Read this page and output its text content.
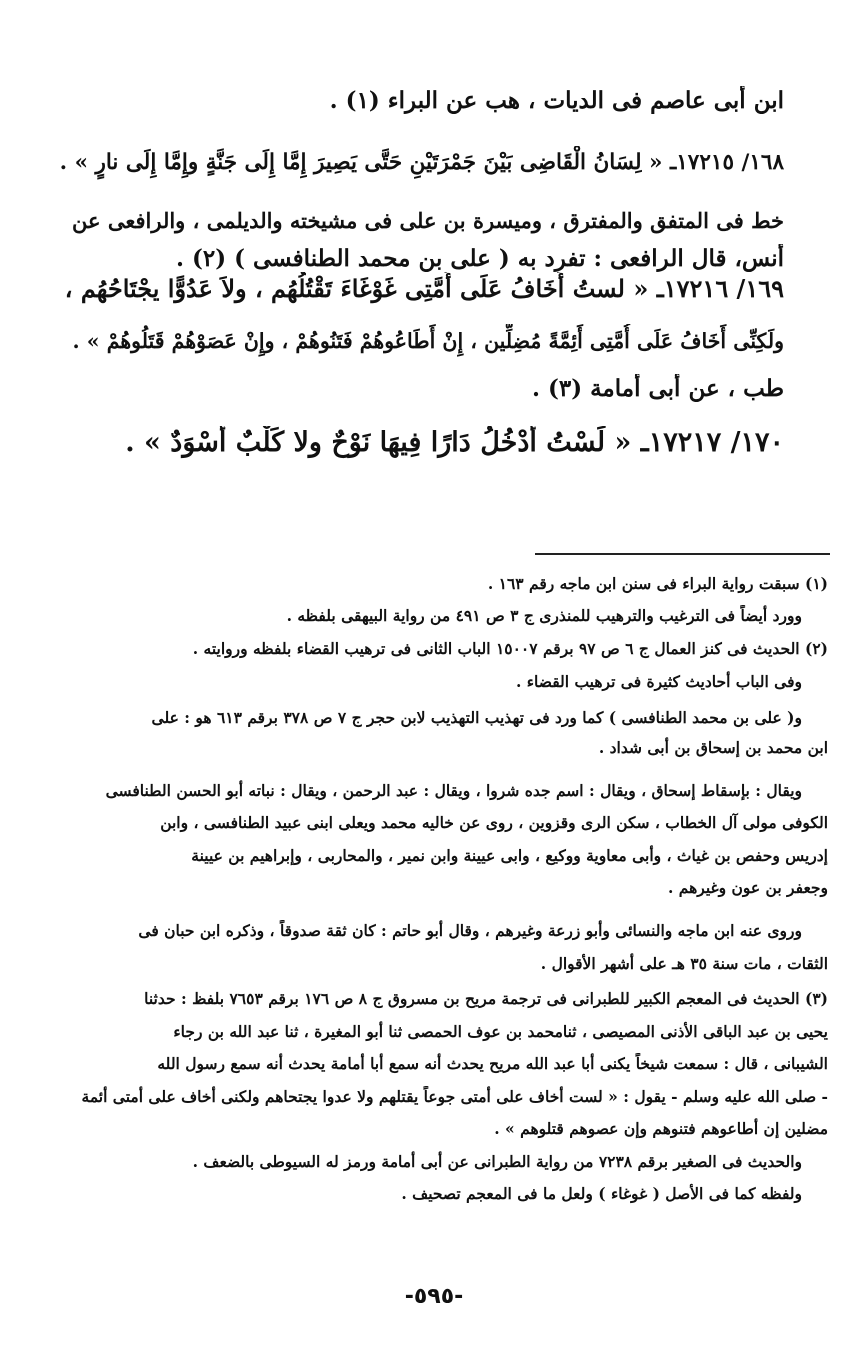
ابن أبى عاصم فى الديات ، هب عن البراء (١) .
١٦٨/ ١٧٢١٥ـ « لِسَانُ الْقَاضِى بَيْنَ جَمْرَتَيْنِ حَتَّى يَصِيرَ إِمَّا إِلَى جَنَّةٍ وإِمَّا إِلَى نارٍ » .
خط فى المتفق والمفترق ، وميسرة بن على فى مشيخته والديلمى ، والرافعى عن
أنس، قال الرافعى : تفرد به ( على بن محمد الطنافسى ) (٢) .
١٦٩/ ١٧٢١٦ـ « لستُ أَخَافُ عَلَى أُمَّتِى غَوْغَاءَ تَقْتُلُهُم ، ولاَ عَدُوًّا يجْتَاحُهُم ،
ولَكِنِّى أَخَافُ عَلَى أُمَّتِى أَئِمَّةً مُضِلِّين ، إِنْ أَطَاعُوهُمْ فَتَنُوهُمْ ، وإِنْ عَصَوْهُمْ قَتَلُوهُمْ » .
طب ، عن أبى أمامة (٣) .
١٧٠/ ١٧٢١٧ـ « لَسْتُ أَدْخُلُ دَارًا فِيهَا نَوْحٌ ولا كَلْبٌ أَسْوَدٌ » .
(١) سبقت رواية البراء فى سنن ابن ماجه رقم ١٦٣ .
وورد أيضاً فى الترغيب والترهيب للمنذرى ج ٣ ص ٤٩١ من رواية البيهقى بلفظه .
(٢) الحديث فى كنز العمال ج ٦ ص ٩٧ برقم ١٥٠٠٧ الباب الثانى فى ترهيب القضاء بلفظه وروايته .
وفى الباب أحاديث كثيرة فى ترهيب القضاء .
و( على بن محمد الطنافسى ) كما ورد فى تهذيب التهذيب لابن حجر ج ٧ ص ٣٧٨ برقم ٦١٣ هو : على
ابن محمد بن إسحاق بن أبى شداد .
ويقال : بإسقاط إسحاق ، ويقال : اسم جده شروا ، ويقال : عبد الرحمن ، ويقال : نباته أبو الحسن الطنافسى
الكوفى مولى آل الخطاب ، سكن الرى وقزوين ، روى عن خاليه محمد ويعلى ابنى عبيد الطنافسى ، وابن
إدريس وحفص بن غياث ، وأبى معاوية ووكيع ، وابى عيينة وابن نمير ، والمحاربى ، وإبراهيم بن عيينة
وجعفر بن عون وغيرهم .
وروى عنه ابن ماجه والنسائى وأبو زرعة وغيرهم ، وقال أبو حاتم : كان ثقة صدوقاً ، وذكره ابن حبان فى
الثقات ، مات سنة ٣٥ هـ على أشهر الأقوال .
(٣) الحديث فى المعجم الكبير للطبرانى فى ترجمة مريح بن مسروق ج ٨ ص ١٧٦ برقم ٧٦٥٣ بلفظ : حدثنا
يحيى بن عبد الباقى الأذنى المصيصى ، ثنامحمد بن عوف الحمصى ثنا أبو المغيرة ، ثنا عبد الله بن رجاء
الشيبانى ، قال : سمعت شيخاً يكنى أبا عبد الله مريح يحدث أنه سمع أبا أمامة يحدث أنه سمع رسول الله
- صلى الله عليه وسلم - يقول : « لست أخاف على أمتى جوعاً يقتلهم ولا عدوا يجتحاهم ولكنى أخاف على أمتى أئمة
مضلين إن أطاعوهم فتنوهم وإن عصوهم قتلوهم » .
والحديث فى الصغير برقم ٧٢٣٨ من رواية الطبرانى عن أبى أمامة ورمز له السيوطى بالضعف .
ولفظه كما فى الأصل ( غوغاء ) ولعل ما فى المعجم تصحيف .
-٥٩٥-
